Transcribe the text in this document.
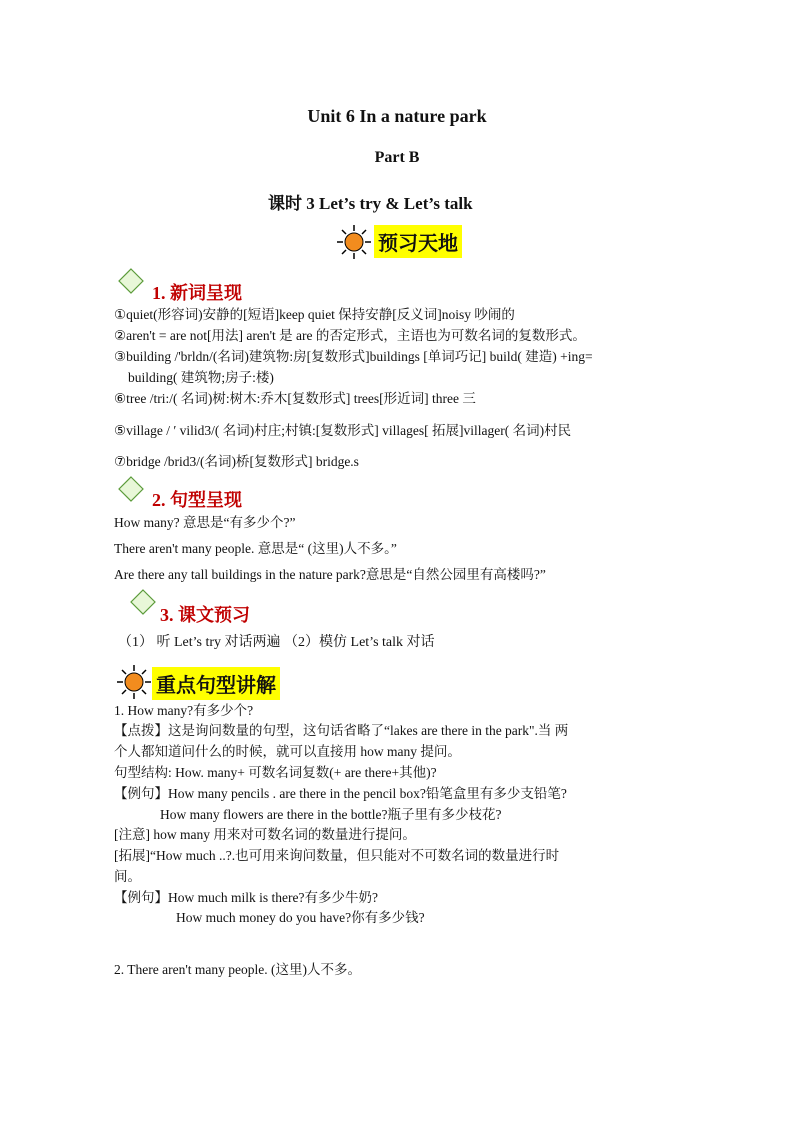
Unit 6 In a nature park
Part B
课时 3 Let’s try & Let’s talk
预习天地
1. 新词呈现
①quiet(形容词)安静的[短语]keep quiet 保持安静[反义词]noisy 吵闹的
②aren't = are not[用法] aren't 是 are 的否定形式，主语也为可数名词的复数形式。
③building /'brldn/(名词)建筑物:房[复数形式]buildings [单词巧记] build( 建造) +ing=
building( 建筑物;房子:楼)
⑥tree /tri:/( 名词)树:树木:乔木[复数形式] trees[形近词] three 三
⑤village / ′ vilid3/( 名词)村庄;村镇:[复数形式] villages[ 拓展]villager( 名词)村民
⑦bridge /brid3/(名词)桥[复数形式] bridge.s
2. 句型呈现
How many? 意思是“有多少个?”
There aren't many people. 意思是“ (这里)人不多。”
Are there any tall buildings in the nature park?意思是“自然公园里有高楼吗?”
3. 课文预习
（1） 听 Let’s try 对话两遍 （2）模仿 Let’s talk 对话
重点句型讲解
1. How many?有多少个?
【点拨】这是询问数量的句型，这句话省略了“lakes are there in the park".当 两
个人都知道问什么的时候，就可以直接用 how many 提问。
句型结构: How. many+ 可数名词复数(+ are there+其他)?
【例句】How many pencils . are there in the pencil box?铅笔盒里有多少支铅笔?
How many flowers are there in the bottle?瓶子里有多少枝花?
[注意] how many 用来对可数名词的数量进行提问。
[拓展]“How much ..?.也可用来询问数量，但只能对不可数名词的数量进行时
间。
【例句】How much milk is there?有多少牛奶?
How much money do you have?你有多少钱?
2. There aren't many people. (这里)人不多。
